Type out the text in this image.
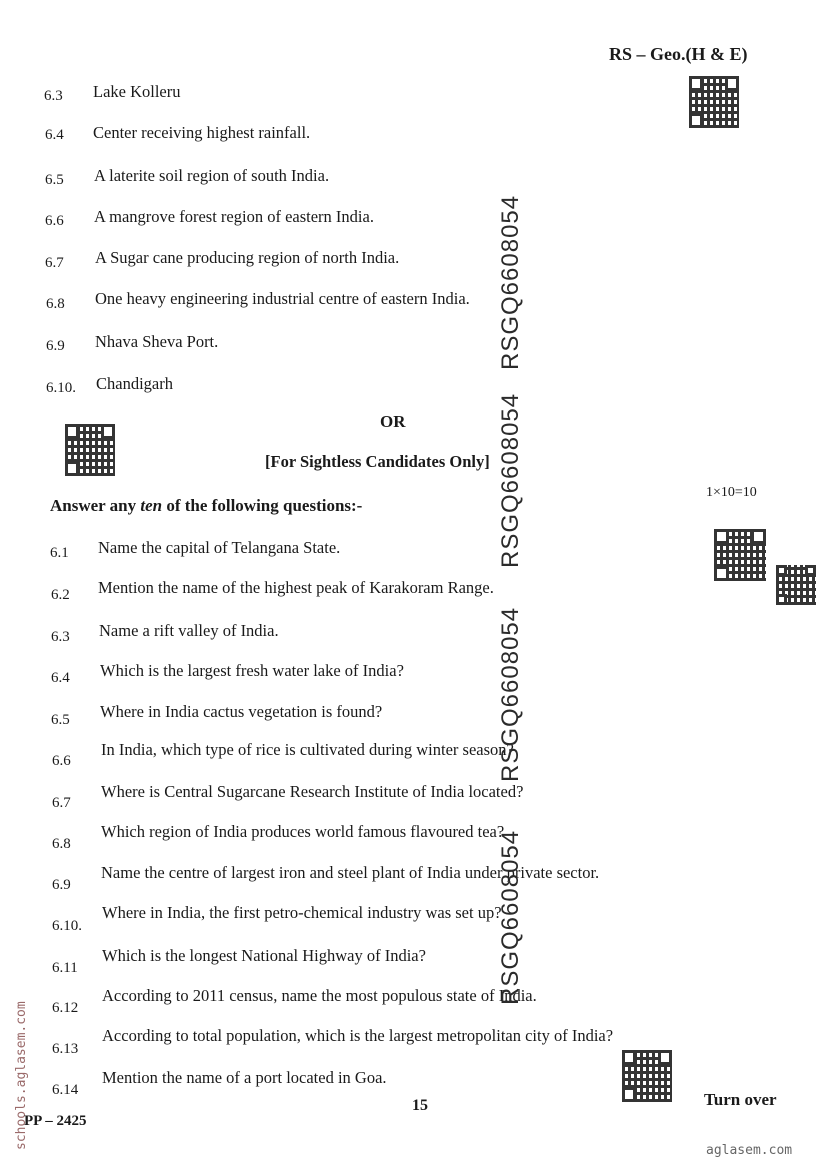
RS – Geo.(H & E)
6.3 Lake Kolleru
6.4 Center receiving highest rainfall.
6.5 A laterite soil region of south India.
6.6 A mangrove forest region of eastern India.
6.7 A Sugar cane producing region of north India.
6.8 One heavy engineering industrial centre of eastern India.
6.9 Nhava Sheva Port.
6.10. Chandigarh
OR
[For Sightless Candidates Only]
Answer any ten of the following questions:-
1×10=10
6.1 Name the capital of Telangana State.
6.2 Mention the name of the highest peak of Karakoram Range.
6.3 Name a rift valley of India.
6.4 Which is the largest fresh water lake of India?
6.5 Where in India cactus vegetation is found?
6.6
In India, which type of rice is cultivated during winter season?
6.7
Where is Central Sugarcane Research Institute of India located?
6.8
Which region of India produces world famous flavoured tea?
6.9
Name the centre of largest iron and steel plant of India under private sector.
6.10.
Where in India, the first petro-chemical industry was set up?
6.11
Which is the longest National Highway of India?
6.12
According to 2011 census, name the most populous state of India.
6.13
According to total population, which is the largest metropolitan city of India?
6.14
Mention the name of a port located in Goa.
RSGQ6608054
RSGQ6608054
RSGQ6608054
RSGQ6608054
schools.aglasem.com
PP – 2425
15	Turn over
aglasem.com
